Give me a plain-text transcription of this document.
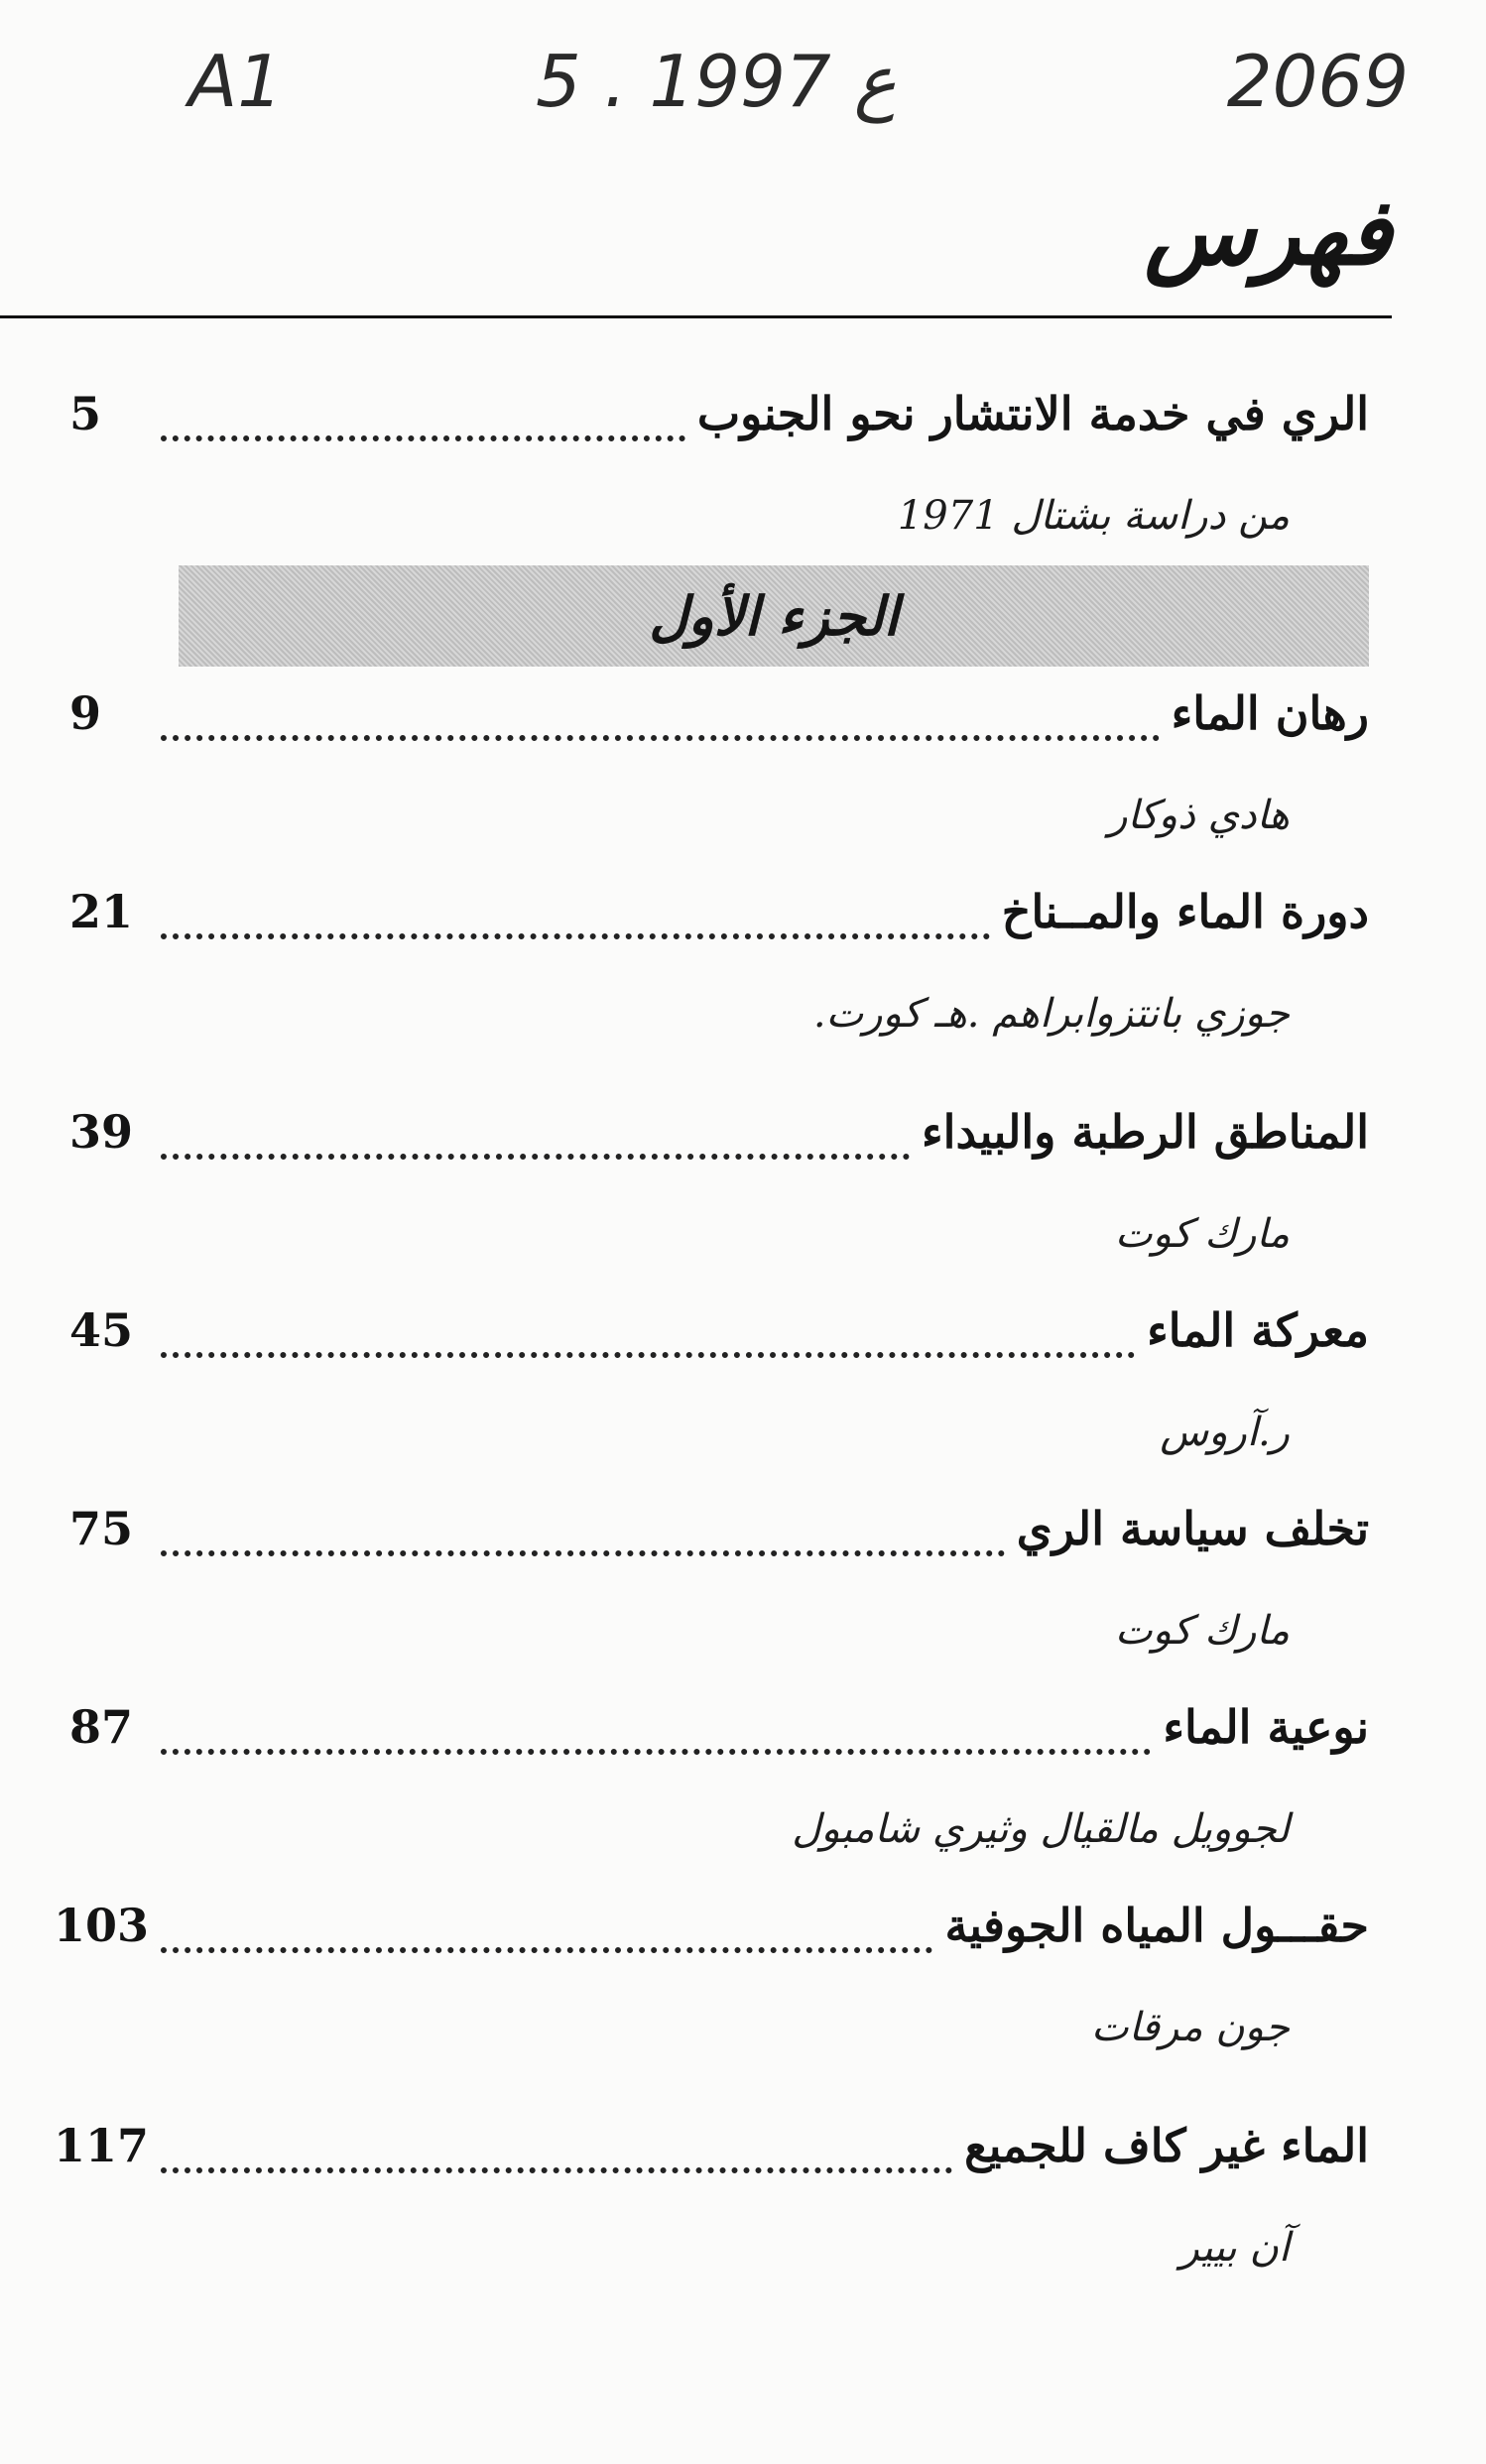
A1	5 . ع 1997	2069
فهرس
الري في خدمة الانتشار نحو الجنوب
5
من دراسة بشتال 1971
الجزء الأول
رهان الماء
9
هادي ذوكار
دورة الماء والمــناخ
21
جوزي بانتزوابراهم .هـ كورت.
المناطق الرطبة والبيداء
39
مارك كوت
معركة الماء
45
ر.آروس
تخلف سياسة الري
75
مارك كوت
نوعية الماء
87
لجوويل مالقيال وثيري شامبول
حقـــول المياه الجوفية
103
جون مرقات
الماء غير كاف للجميع
117
آن بيير
